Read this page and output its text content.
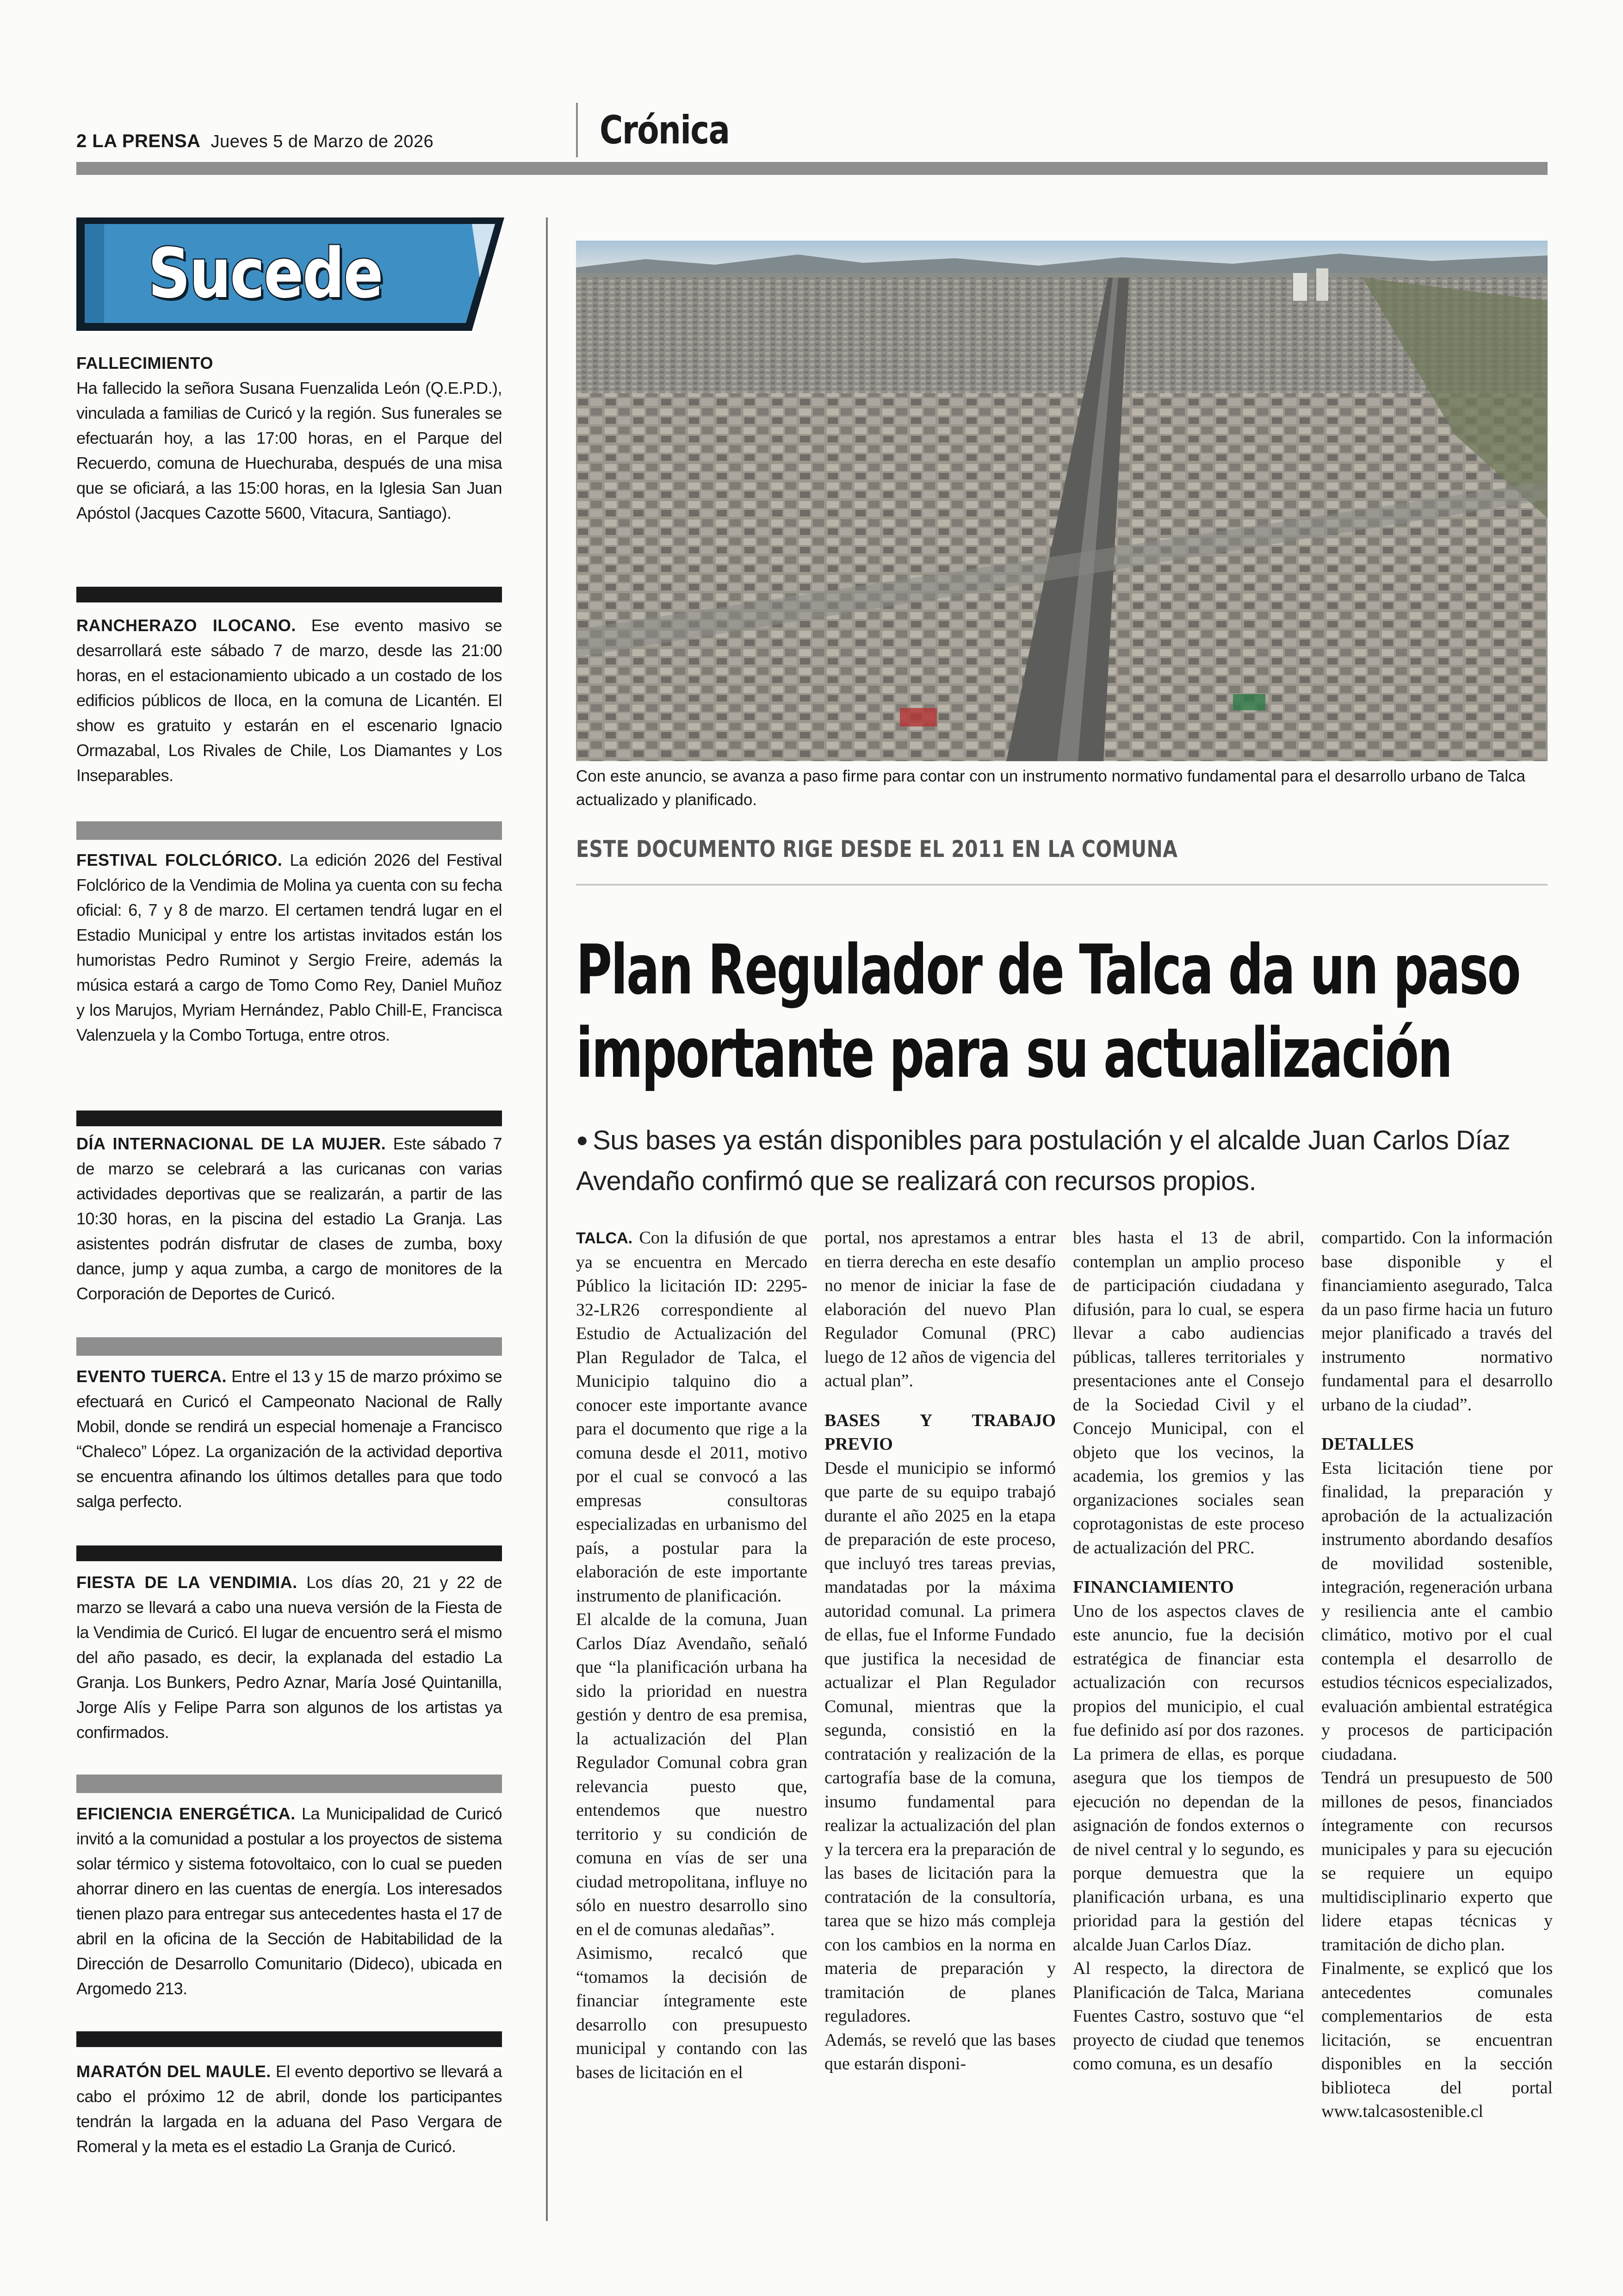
2 LA PRENSA Jueves 5 de Marzo de 2026	Crónica
Sucede
FALLECIMIENTO
Ha fallecido la señora Susana Fuenzalida León (Q.E.P.D.), vinculada a familias de Curicó y la región. Sus funerales se efectuarán hoy, a las 17:00 horas, en el Parque del Recuerdo, comuna de Huechuraba, después de una misa que se oficiará, a las 15:00 horas, en la Iglesia San Juan Apóstol (Jacques Cazotte 5600, Vitacura, Santiago).
RANCHERAZO ILOCANO. Ese evento masivo se desarrollará este sábado 7 de marzo, desde las 21:00 horas, en el estacionamiento ubicado a un costado de los edificios públicos de Iloca, en la comuna de Licantén. El show es gratuito y estarán en el escenario Ignacio Ormazabal, Los Rivales de Chile, Los Diamantes y Los Inseparables.
FESTIVAL FOLCLÓRICO. La edición 2026 del Festival Folclórico de la Vendimia de Molina ya cuenta con su fecha oficial: 6, 7 y 8 de marzo. El certamen tendrá lugar en el Estadio Municipal y entre los artistas invitados están los humoristas Pedro Ruminot y Sergio Freire, además la música estará a cargo de Tomo Como Rey, Daniel Muñoz y los Marujos, Myriam Hernández, Pablo Chill-E, Francisca Valenzuela y la Combo Tortuga, entre otros.
DÍA INTERNACIONAL DE LA MUJER. Este sábado 7 de marzo se celebrará a las curicanas con varias actividades deportivas que se realizarán, a partir de las 10:30 horas, en la piscina del estadio La Granja. Las asistentes podrán disfrutar de clases de zumba, boxy dance, jump y aqua zumba, a cargo de monitores de la Corporación de Deportes de Curicó.
EVENTO TUERCA. Entre el 13 y 15 de marzo próximo se efectuará en Curicó el Campeonato Nacional de Rally Mobil, donde se rendirá un especial homenaje a Francisco “Chaleco” López. La organización de la actividad deportiva se encuentra afinando los últimos detalles para que todo salga perfecto.
FIESTA DE LA VENDIMIA. Los días 20, 21 y 22 de marzo se llevará a cabo una nueva versión de la Fiesta de la Vendimia de Curicó. El lugar de encuentro será el mismo del año pasado, es decir, la explanada del estadio La Granja. Los Bunkers, Pedro Aznar, María José Quintanilla, Jorge Alís y Felipe Parra son algunos de los artistas ya confirmados.
EFICIENCIA ENERGÉTICA. La Municipalidad de Curicó invitó a la comunidad a postular a los proyectos de sistema solar térmico y sistema fotovoltaico, con lo cual se pueden ahorrar dinero en las cuentas de energía. Los interesados tienen plazo para entregar sus antecedentes hasta el 17 de abril en la oficina de la Sección de Habitabilidad de la Dirección de Desarrollo Comunitario (Dideco), ubicada en Argomedo 213.
MARATÓN DEL MAULE. El evento deportivo se llevará a cabo el próximo 12 de abril, donde los participantes tendrán la largada en la aduana del Paso Vergara de Romeral y la meta es el estadio La Granja de Curicó.
Con este anuncio, se avanza a paso firme para contar con un instrumento normativo fundamental para el desarrollo urbano de Talca actualizado y planificado.
ESTE DOCUMENTO RIGE DESDE EL 2011 EN LA COMUNA
Plan Regulador de Talca da un paso
importante para su actualización
● Sus bases ya están disponibles para postulación y el alcalde Juan Carlos Díaz Avendaño confirmó que se realizará con recursos propios.

TALCA. Con la difusión de que ya se encuentra en Mercado Público la licitación ID: 2295-32-LR26 correspondiente al Estudio de Actualización del Plan Regulador de Talca, el Municipio talquino dio a conocer este importante avance para el documento que rige a la comuna desde el 2011, motivo por el cual se convocó a las empresas consultoras especializadas en urbanismo del país, a postular para la elaboración de este importante instrumento de planificación.

El alcalde de la comuna, Juan Carlos Díaz Avendaño, señaló que “la planificación urbana ha sido la prioridad en nuestra gestión y dentro de esa premisa, la actualización del Plan Regulador Comunal cobra gran relevancia puesto que, entendemos que nuestro territorio y su condición de comuna en vías de ser una ciudad metropolitana, influye no sólo en nuestro desarrollo sino en el de comunas aledañas”.

Asimismo, recalcó que “tomamos la decisión de financiar íntegramente este desarrollo con presupuesto municipal y contando con las bases de licitación en el

portal, nos aprestamos a entrar en tierra derecha en este desafío no menor de iniciar la fase de elaboración del nuevo Plan Regulador Comunal (PRC) luego de 12 años de vigencia del actual plan”.

BASES Y TRABAJO PREVIO

Desde el municipio se informó que parte de su equipo trabajó durante el año 2025 en la etapa de preparación de este proceso, que incluyó tres tareas previas, mandatadas por la máxima autoridad comunal. La primera de ellas, fue el Informe Fundado que justifica la necesidad de actualizar el Plan Regulador Comunal, mientras que la segunda, consistió en la contratación y realización de la cartografía base de la comuna, insumo fundamental para realizar la actualización del plan y la tercera era la preparación de las bases de licitación para la contratación de la consultoría, tarea que se hizo más compleja con los cambios en la norma en materia de preparación y tramitación de planes reguladores.

Además, se reveló que las bases que estarán disponi-

bles hasta el 13 de abril, contemplan un amplio proceso de participación ciudadana y difusión, para lo cual, se espera llevar a cabo audiencias públicas, talleres territoriales y presentaciones ante el Consejo de la Sociedad Civil y el Concejo Municipal, con el objeto que los vecinos, la academia, los gremios y las organizaciones sociales sean coprotagonistas de este proceso de actualización del PRC.

FINANCIAMIENTO

Uno de los aspectos claves de este anuncio, fue la decisión estratégica de financiar esta actualización con recursos propios del municipio, el cual fue definido así por dos razones. La primera de ellas, es porque asegura que los tiempos de ejecución no dependan de la asignación de fondos externos o de nivel central y lo segundo, es porque demuestra que la planificación urbana, es una prioridad para la gestión del alcalde Juan Carlos Díaz.

Al respecto, la directora de Planificación de Talca, Mariana Fuentes Castro, sostuvo que “el proyecto de ciudad que tenemos como comuna, es un desafío

compartido. Con la información base disponible y el financiamiento asegurado, Talca da un paso firme hacia un futuro mejor planificado a través del instrumento normativo fundamental para el desarrollo urbano de la ciudad”.

DETALLES

Esta licitación tiene por finalidad, la preparación y aprobación de la actualización instrumento abordando desafíos de movilidad sostenible, integración, regeneración urbana y resiliencia ante el cambio climático, motivo por el cual contempla el desarrollo de estudios técnicos especializados, evaluación ambiental estratégica y procesos de participación ciudadana.

Tendrá un presupuesto de 500 millones de pesos, financiados íntegramente con recursos municipales y para su ejecución se requiere un equipo multidisciplinario experto que lidere etapas técnicas y tramitación de dicho plan.

Finalmente, se explicó que los antecedentes comunales complementarios de esta licitación, se encuentran disponibles en la sección biblioteca del portal www.talcasostenible.cl
